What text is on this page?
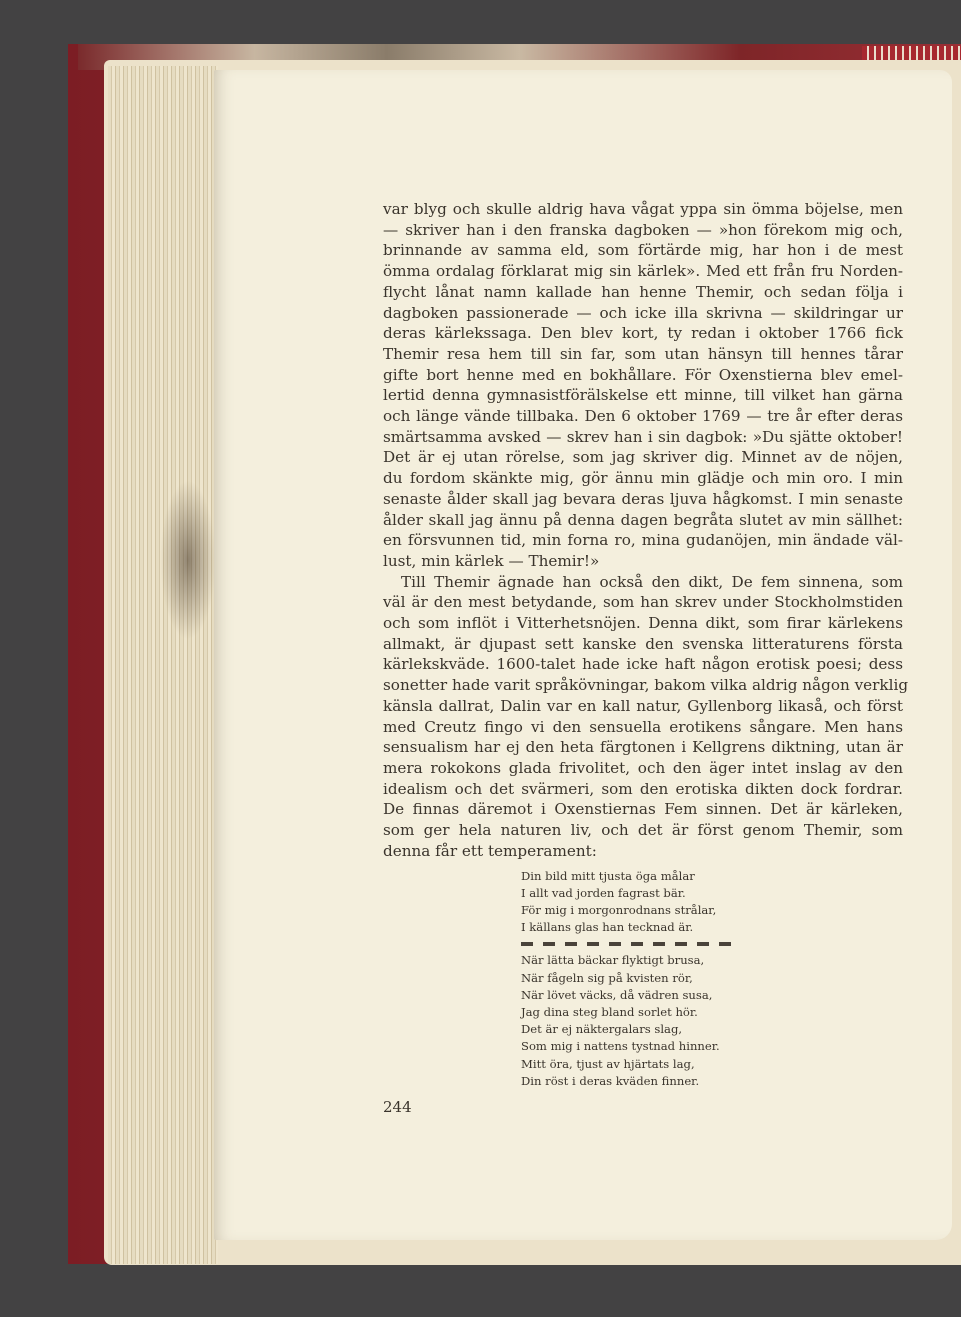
var blyg och skulle aldrig hava vågat yppa sin ömma böjelse, men
— skriver han i den franska dagboken — »hon förekom mig och,
brinnande av samma eld, som förtärde mig, har hon i de mest
ömma ordalag förklarat mig sin kärlek». Med ett från fru Norden-
flycht lånat namn kallade han henne Themir, och sedan följa i
dagboken passionerade — och icke illa skrivna — skildringar ur
deras kärlekssaga. Den blev kort, ty redan i oktober 1766 fick
Themir resa hem till sin far, som utan hänsyn till hennes tårar
gifte bort henne med en bokhållare. För Oxenstierna blev emel-
lertid denna gymnasistförälskelse ett minne, till vilket han gärna
och länge vände tillbaka. Den 6 oktober 1769 — tre år efter deras
smärtsamma avsked — skrev han i sin dagbok: »Du sjätte oktober!
Det är ej utan rörelse, som jag skriver dig. Minnet av de nöjen,
du fordom skänkte mig, gör ännu min glädje och min oro. I min
senaste ålder skall jag bevara deras ljuva hågkomst. I min senaste
ålder skall jag ännu på denna dagen begråta slutet av min sällhet:
en försvunnen tid, min forna ro, mina gudanöjen, min ändade väl-
lust, min kärlek — Themir!»
Till Themir ägnade han också den dikt, De fem sinnena, som
väl är den mest betydande, som han skrev under Stockholmstiden
och som inflöt i Vitterhetsnöjen. Denna dikt, som firar kärlekens
allmakt, är djupast sett kanske den svenska litteraturens första
kärlekskväde. 1600-talet hade icke haft någon erotisk poesi; dess
sonetter hade varit språkövningar, bakom vilka aldrig någon verklig
känsla dallrat, Dalin var en kall natur, Gyllenborg likaså, och först
med Creutz fingo vi den sensuella erotikens sångare. Men hans
sensualism har ej den heta färgtonen i Kellgrens diktning, utan är
mera rokokons glada frivolitet, och den äger intet inslag av den
idealism och det svärmeri, som den erotiska dikten dock fordrar.
De finnas däremot i Oxenstiernas Fem sinnen. Det är kärleken,
som ger hela naturen liv, och det är först genom Themir, som
denna får ett temperament:
Din bild mitt tjusta öga målar
I allt vad jorden fagrast bär.
För mig i morgonrodnans strålar,
I källans glas han tecknad är.
När lätta bäckar flyktigt brusa,
När fågeln sig på kvisten rör,
När lövet väcks, då vädren susa,
Jag dina steg bland sorlet hör.
Det är ej näktergalars slag,
Som mig i nattens tystnad hinner.
Mitt öra, tjust av hjärtats lag,
Din röst i deras kväden finner.
244
